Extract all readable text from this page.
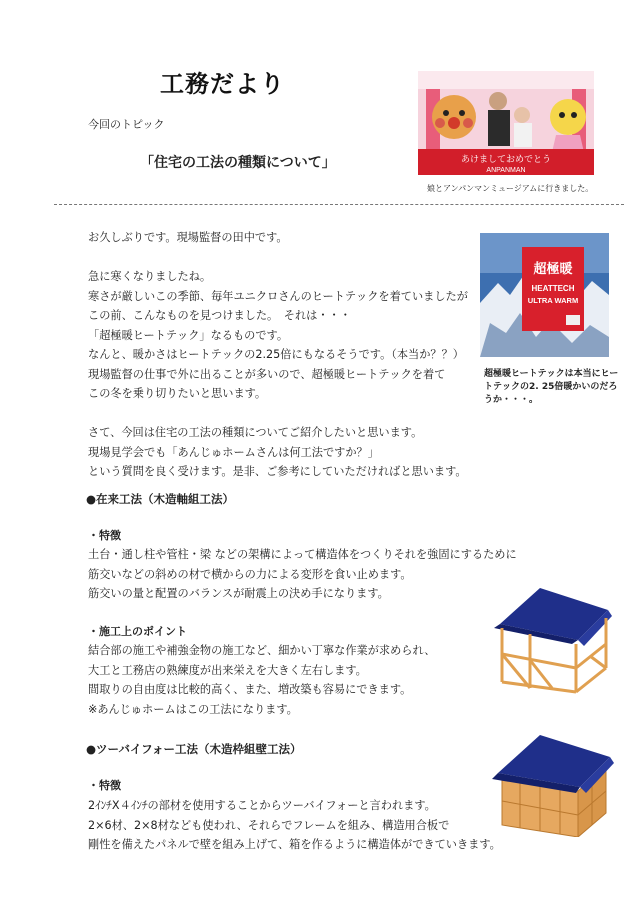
工務だより
今回のトピック
「住宅の工法の種類について」	あけましておめでとう
ANPANMAN
娘とアンパンマンミュージアムに行きました。
お久しぶりです。現場監督の田中です。
急に寒くなりましたね。
寒さが厳しいこの季節、毎年ユニクロさんのヒートテックを着ていましたが
この前、こんなものを見つけました。　それは・・・
「超極暖ヒートテック」なるものです。
なんと、暖かさはヒートテックの2.25倍にもなるそうです。（本当か？？）
現場監督の仕事で外に出ることが多いので、超極暖ヒートテックを着て
この冬を乗り切りたいと思います。
さて、今回は住宅の工法の種類についてご紹介したいと思います。
現場見学会でも「あんじゅホームさんは何工法ですか？」
という質問を良く受けます。是非、ご参考にしていただければと思います。
超極暖
HEATTECH
ULTRA WARM
超極暖ヒートテックは本当にヒートテックの2. 25倍暖かいのだろうか・・・。
●在来工法（木造軸組工法）
・特徴
土台・通し柱や管柱・梁 などの架構によって構造体をつくりそれを強固にするために
筋交いなどの斜めの材で横からの力による変形を食い止めます。
筋交いの量と配置のバランスが耐震上の決め手になります。
・施工上のポイント
結合部の施工や補強金物の施工など、細かい丁寧な作業が求められ、
大工と工務店の熟練度が出来栄えを大きく左右します。
間取りの自由度は比較的高く、また、増改築も容易にできます。
※あんじゅホームはこの工法になります。
●ツーバイフォー工法（木造枠組壁工法）
・特徴
2ｲﾝﾁX４ｲﾝﾁの部材を使用することからツーバイフォーと言われます。
2×6材、2×8材なども使われ、それらでフレームを組み、構造用合板で
剛性を備えたパネルで壁を組み上げて、箱を作るように構造体ができていきます。
